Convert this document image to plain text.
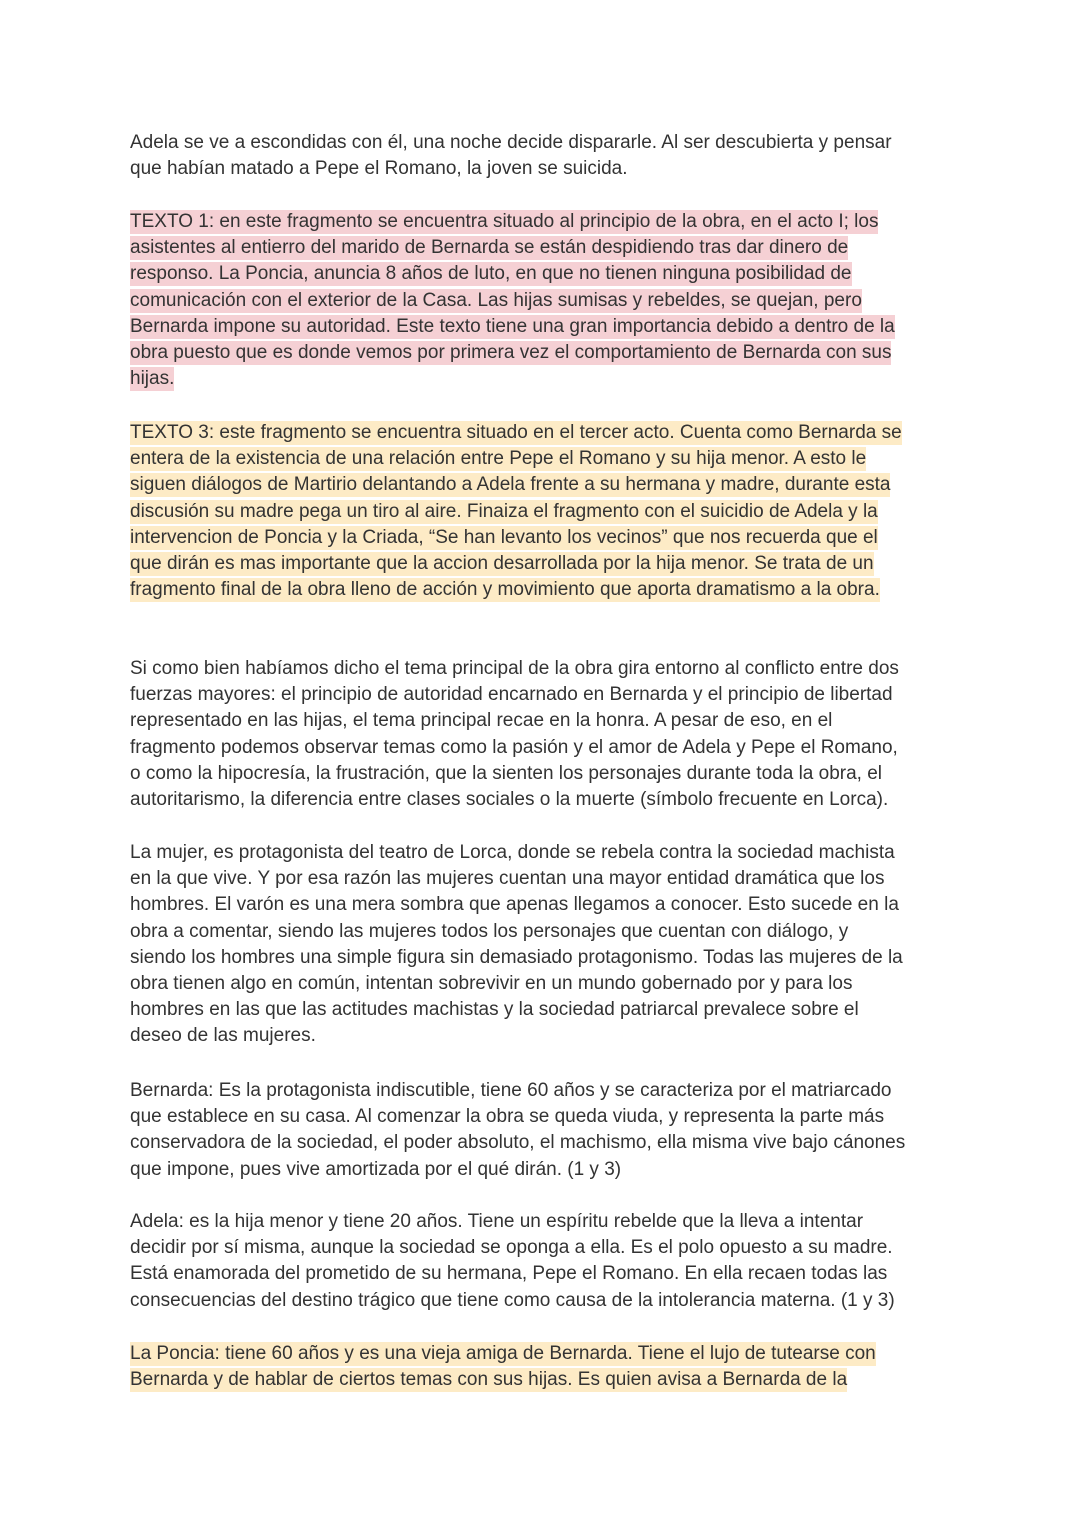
Adela se ve a escondidas con él, una noche decide dispararle. Al ser descubierta y pensar
que habían matado a Pepe el Romano, la joven se suicida.

TEXTO 1: en este fragmento se encuentra situado al principio de la obra, en el acto I; los
asistentes al entierro del marido de Bernarda se están despidiendo tras dar dinero de
responso. La Poncia, anuncia 8 años de luto, en que no tienen ninguna posibilidad de
comunicación con el exterior de la Casa. Las hijas sumisas y rebeldes, se quejan, pero
Bernarda impone su autoridad. Este texto tiene una gran importancia debido a dentro de la
obra puesto que es donde vemos por primera vez el comportamiento de Bernarda con sus
hijas.

TEXTO 3: este fragmento se encuentra situado en el tercer acto. Cuenta como Bernarda se
entera de la existencia de una relación entre Pepe el Romano y su hija menor. A esto le
siguen diálogos de Martirio delantando a Adela frente a su hermana y madre, durante esta
discusión su madre pega un tiro al aire. Finaiza el fragmento con el suicidio de Adela y la
intervencion de Poncia y la Criada, “Se han levanto los vecinos” que nos recuerda que el
que dirán es mas importante que la accion desarrollada por la hija menor. Se trata de un
fragmento final de la obra lleno de acción y movimiento que aporta dramatismo a la obra.

Si como bien habíamos dicho el tema principal de la obra gira entorno al conflicto entre dos
fuerzas mayores: el principio de autoridad encarnado en Bernarda y el principio de libertad
representado en las hijas, el tema principal recae en la honra. A pesar de eso, en el
fragmento podemos observar temas como la pasión y el amor de Adela y Pepe el Romano,
o como la hipocresía, la frustración, que la sienten los personajes durante toda la obra, el
autoritarismo, la diferencia entre clases sociales o la muerte (símbolo frecuente en Lorca).

La mujer, es protagonista del teatro de Lorca, donde se rebela contra la sociedad machista
en la que vive. Y por esa razón las mujeres cuentan una mayor entidad dramática que los
hombres. El varón es una mera sombra que apenas llegamos a conocer. Esto sucede en la
obra a comentar, siendo las mujeres todos los personajes que cuentan con diálogo, y
siendo los hombres una simple figura sin demasiado protagonismo. Todas las mujeres de la
obra tienen algo en común, intentan sobrevivir en un mundo gobernado por y para los
hombres en las que las actitudes machistas y la sociedad patriarcal prevalece sobre el
deseo de las mujeres.

Bernarda: Es la protagonista indiscutible, tiene 60 años y se caracteriza por el matriarcado
que establece en su casa. Al comenzar la obra se queda viuda, y representa la parte más
conservadora de la sociedad, el poder absoluto, el machismo, ella misma vive bajo cánones
que impone, pues vive amortizada por el qué dirán. (1 y 3)

Adela: es la hija menor y tiene 20 años. Tiene un espíritu rebelde que la lleva a intentar
decidir por sí misma, aunque la sociedad se oponga a ella. Es el polo opuesto a su madre.
Está enamorada del prometido de su hermana, Pepe el Romano. En ella recaen todas las
consecuencias del destino trágico que tiene como causa de la intolerancia materna. (1 y 3)

La Poncia: tiene 60 años y es una vieja amiga de Bernarda. Tiene el lujo de tutearse con
Bernarda y de hablar de ciertos temas con sus hijas. Es quien avisa a Bernarda de la
